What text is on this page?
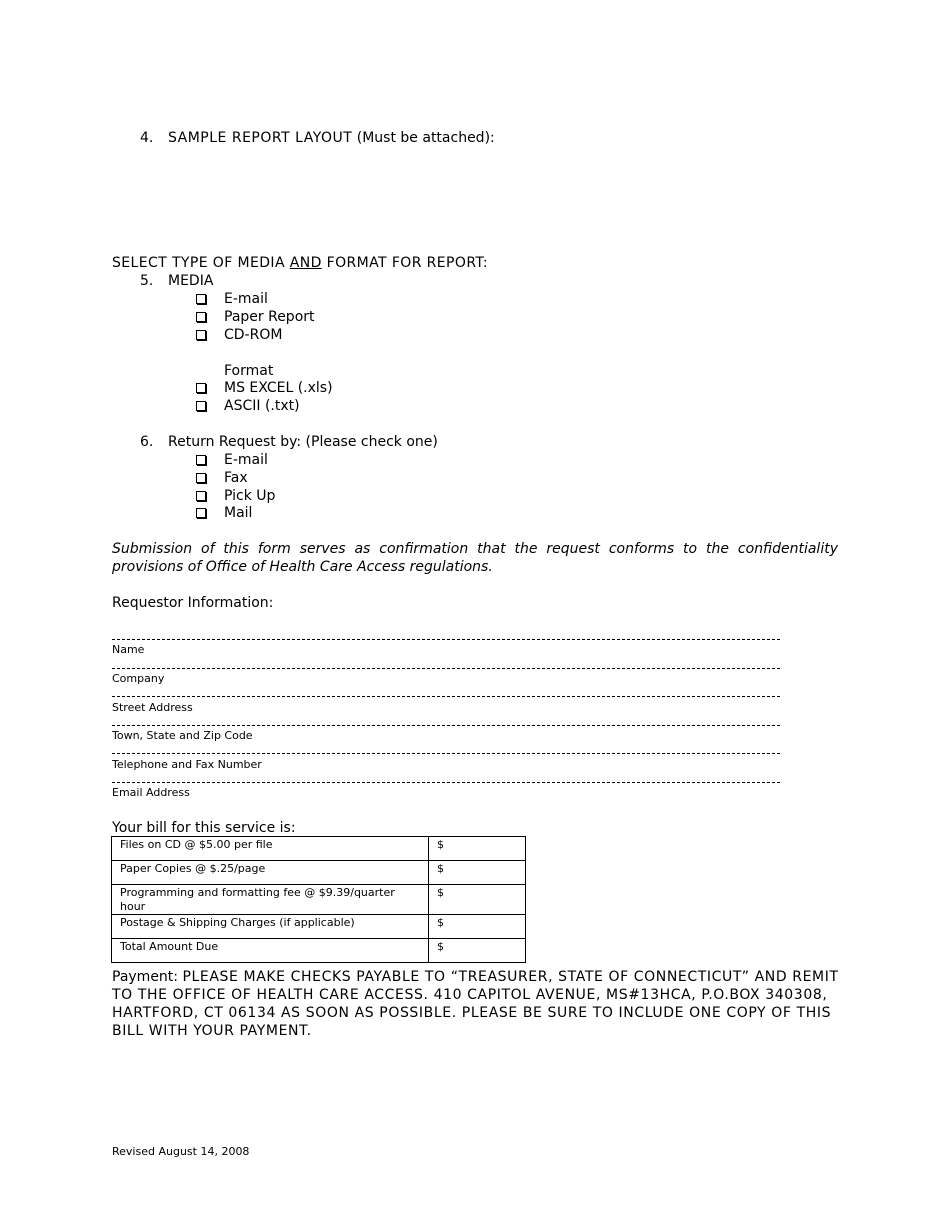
4. SAMPLE REPORT LAYOUT (Must be attached):
SELECT TYPE OF MEDIA AND FORMAT FOR REPORT:
5. MEDIA
E-mail
Paper Report
CD-ROM
Format
MS EXCEL (.xls)
ASCII (.txt)
6. Return Request by: (Please check one)
E-mail
Fax
Pick Up
Mail
Submission of this form serves as confirmation that the request conforms to the confidentiality provisions of Office of Health Care Access regulations.
Requestor Information:
Name
Company
Street Address
Town, State and Zip Code
Telephone and Fax Number
Email Address
Your bill for this service is:
Files on CD @ $5.00 per file	$
Paper Copies @ $.25/page	$
Programming and formatting fee @ $9.39/quarter hour	$
Postage & Shipping Charges (if applicable)	$
Total Amount Due	$
Payment: PLEASE MAKE CHECKS PAYABLE TO “TREASURER, STATE OF CONNECTICUT” AND REMIT TO THE OFFICE OF HEALTH CARE ACCESS. 410 CAPITOL AVENUE, MS#13HCA, P.O.BOX 340308, HARTFORD, CT 06134 AS SOON AS POSSIBLE. PLEASE BE SURE TO INCLUDE ONE COPY OF THIS BILL WITH YOUR PAYMENT.
Revised August 14, 2008
